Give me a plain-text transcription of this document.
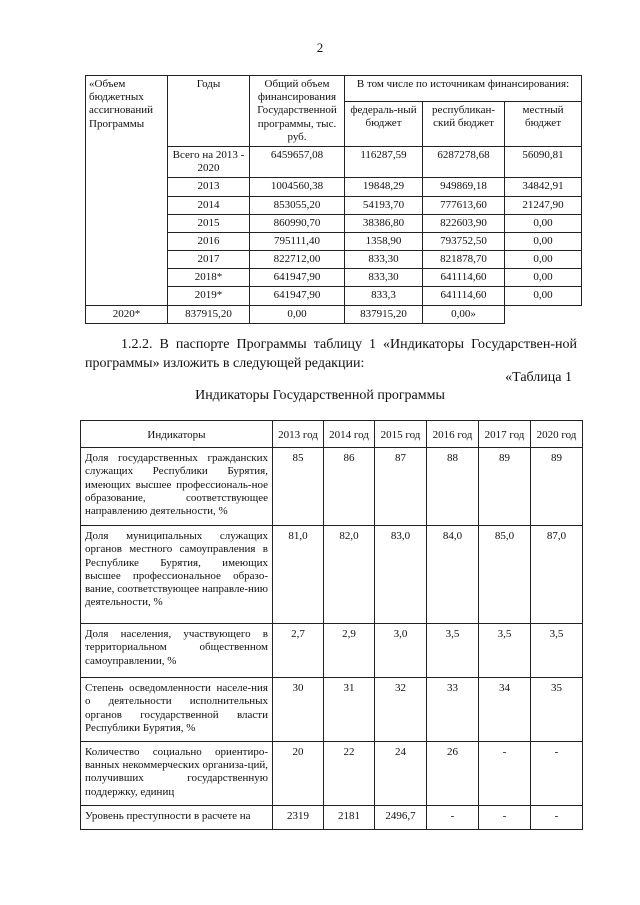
2
«Объем бюджетных ассигнований Программы	Годы	Общий объем финансирования Государственной программы, тыс. руб.	В том числе по источникам финансирования:		
			федераль-ный бюджет	республикан-ский бюджет	местный бюджет
	Всего на 2013 - 2020	6459657,08	116287,59	6287278,68	56090,81
	2013	1004560,38	19848,29	949869,18	34842,91
	2014	853055,20	54193,70	777613,60	21247,90
	2015	860990,70	38386,80	822603,90	0,00
	2016	795111,40	1358,90	793752,50	0,00
	2017	822712,00	833,30	821878,70	0,00
	2018*	641947,90	833,30	641114,60	0,00
	2019*	641947,90	833,3	641114,60	0,00
2020*	837915,20	0,00	837915,20	0,00»	
1.2.2. В паспорте Программы таблицу 1 «Индикаторы Государствен-ной программы» изложить в следующей редакции:
«Таблица 1
Индикаторы Государственной программы
Индикаторы	2013 год	2014 год	2015 год	2016 год	2017 год	2020 год
Доля государственных гражданских служащих Республики Бурятия, имеющих высшее профессиональ-ное образование, соответствующее направлению деятельности, %	85	86	87	88	89	89
Доля муниципальных служащих органов местного самоуправления в Республике Бурятия, имеющих высшее профессиональное образо-вание, соответствующее направле-нию деятельности, %	81,0	82,0	83,0	84,0	85,0	87,0
Доля населения, участвующего в территориальном общественном самоуправлении, %	2,7	2,9	3,0	3,5	3,5	3,5
Степень осведомленности населе-ния о деятельности исполнительных органов государственной власти Республики Бурятия, %	30	31	32	33	34	35
Количество социально ориентиро-ванных некоммерческих организа-ций, получивших государственную поддержку, единиц	20	22	24	26	-	-
Уровень преступности в расчете на	2319	2181	2496,7	-	-	-
